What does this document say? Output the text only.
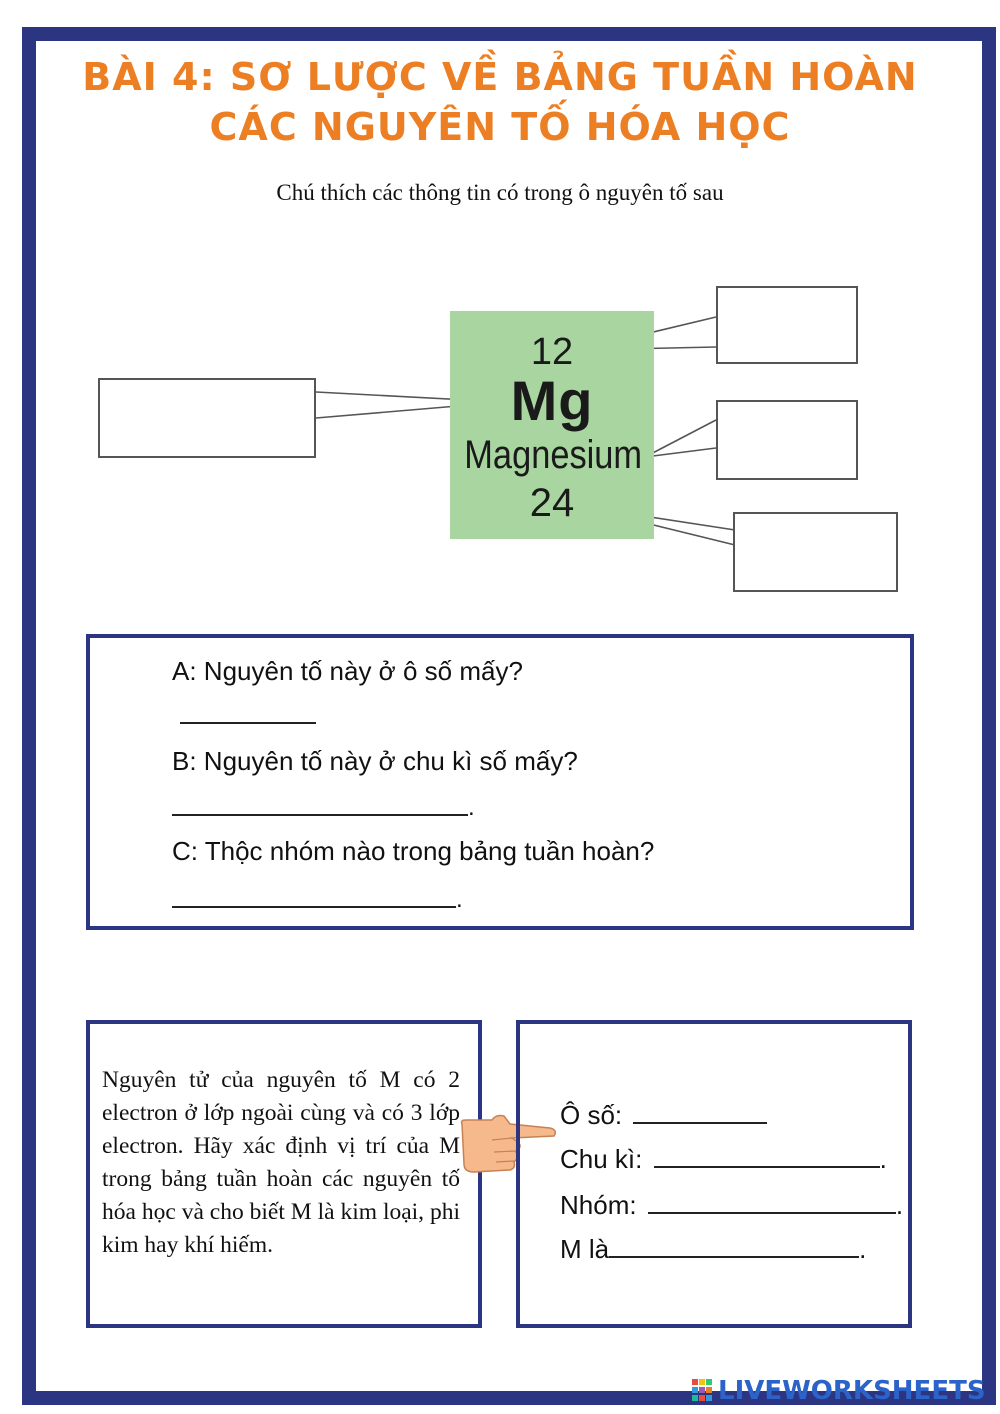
BÀI 4: SƠ LƯỢC VỀ BẢNG TUẦN HOÀN
CÁC NGUYÊN TỐ HÓA HỌC
Chú thích các thông tin có trong ô nguyên tố sau
12
Mg
Magnesium
24
A: Nguyên tố này ở ô số mấy?
B: Nguyên tố này ở chu kì số mấy?
.
C: Thộc nhóm nào trong bảng tuần hoàn?
.
Nguyên tử của nguyên tố M có 2 electron ở lớp ngoài cùng và có 3 lớp electron. Hãy xác định vị trí của M trong bảng tuần hoàn các nguyên tố hóa học và cho biết M là kim loại, phi kim hay khí hiếm.
Ô số:
Chu kì:	.
Nhóm:	.
M là	.
LIVEWORKSHEETS
